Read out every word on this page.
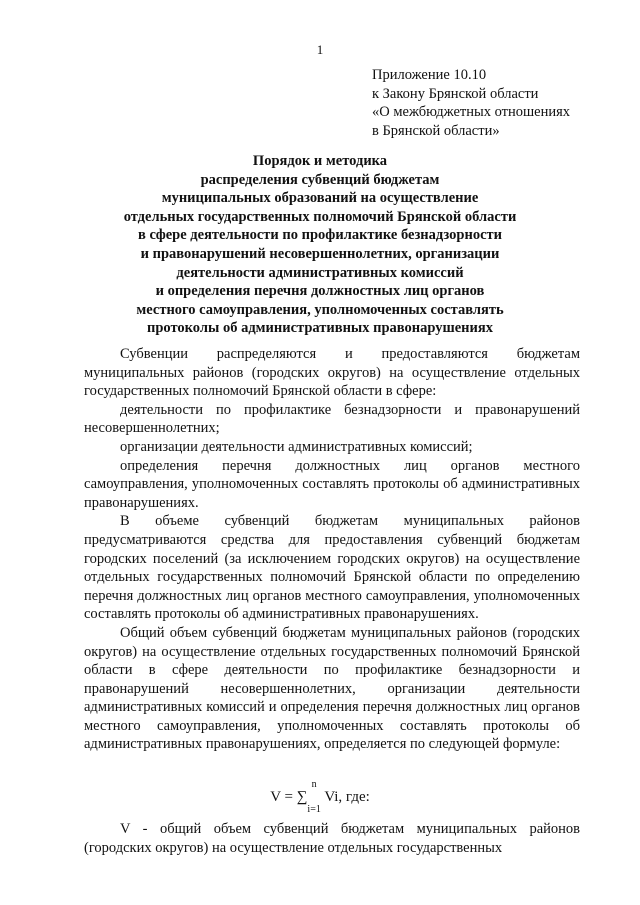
1
Приложение 10.10
к Закону Брянской области
«О межбюджетных отношениях
в Брянской области»
Порядок и методика
распределения субвенций бюджетам
муниципальных образований на осуществление
отдельных государственных полномочий Брянской области
в сфере деятельности по профилактике безнадзорности
и правонарушений несовершеннолетних, организации
деятельности административных комиссий
и определения перечня должностных лиц органов
местного самоуправления, уполномоченных составлять
протоколы об административных правонарушениях

Субвенции распределяются и предоставляются бюджетам муниципальных районов (городских округов) на осуществление отдельных государственных полномочий Брянской области в сфере:

деятельности по профилактике безнадзорности и правонарушений несовершеннолетних;

организации деятельности административных комиссий;

определения перечня должностных лиц органов местного самоуправления, уполномоченных составлять протоколы об административных правонарушениях.

В объеме субвенций бюджетам муниципальных районов предусматриваются средства для предоставления субвенций бюджетам городских поселений (за исключением городских округов) на осуществление отдельных государственных полномочий Брянской области по определению перечня должностных лиц органов местного самоуправления, уполномоченных составлять протоколы об административных правонарушениях.

Общий объем субвенций бюджетам муниципальных районов (городских округов) на осуществление отдельных государственных полномочий Брянской области в сфере деятельности по профилактике безнадзорности и правонарушений несовершеннолетних, организации деятельности административных комиссий и определения перечня должностных лиц органов местного самоуправления, уполномоченных составлять протоколы об административных правонарушениях, определяется по следующей формуле:

V = ∑$^n$
$_{i=1}$ Vi, где:

V - общий объем субвенций бюджетам муниципальных районов (городских округов) на осуществление отдельных государственных
